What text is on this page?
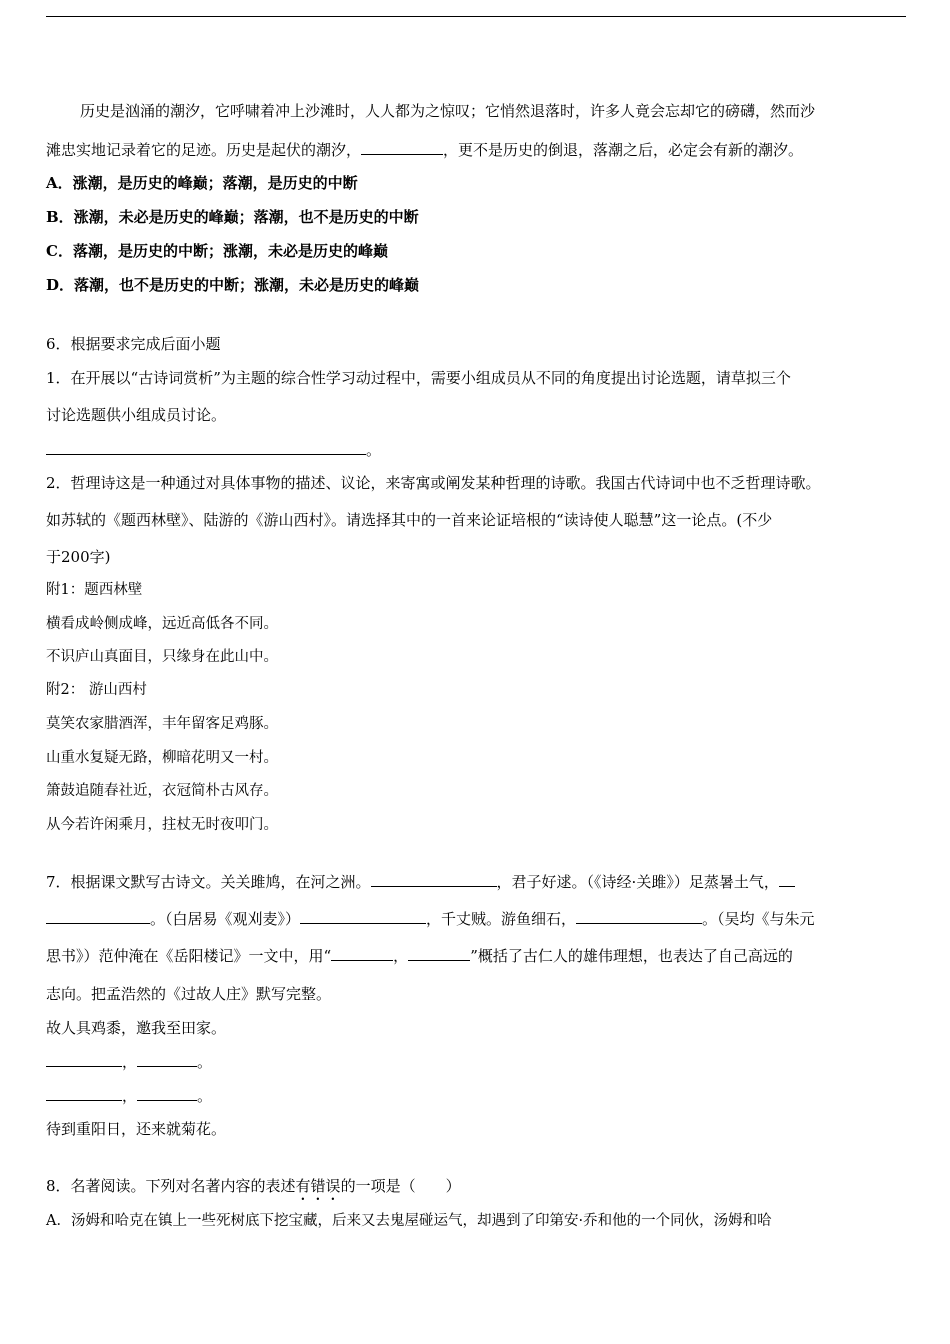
历史是汹涌的潮汐，它呼啸着冲上沙滩时，人人都为之惊叹；它悄然退落时，许多人竟会忘却它的磅礴，然而沙
滩忠实地记录着它的足迹。历史是起伏的潮汐，	，更不是历史的倒退，落潮之后，必定会有新的潮汐。
A．涨潮，是历史的峰巅；落潮，是历史的中断
B．涨潮，未必是历史的峰巅；落潮，也不是历史的中断
C．落潮，是历史的中断；涨潮，未必是历史的峰巅
D．落潮，也不是历史的中断；涨潮，未必是历史的峰巅
6．根据要求完成后面小题
1．在开展以“古诗词赏析”为主题的综合性学习动过程中，需要小组成员从不同的角度提出讨论选题，请草拟三个
讨论选题供小组成员讨论。
。
2．哲理诗这是一种通过对具体事物的描述、议论，来寄寓或阐发某种哲理的诗歌。我国古代诗词中也不乏哲理诗歌。
如苏轼的《题西林壁》、陆游的《游山西村》。请选择其中的一首来论证培根的“读诗使人聪慧”这一论点。(不少
于200字)
附1：题西林壁
横看成岭侧成峰，远近高低各不同。
不识庐山真面目，只缘身在此山中。
附2： 游山西村
莫笑农家腊酒浑，丰年留客足鸡豚。
山重水复疑无路，柳暗花明又一村。
箫鼓追随春社近，衣冠简朴古风存。
从今若许闲乘月，拄杖无时夜叩门。
7．根据课文默写古诗文。关关雎鸠，在河之洲。	，君子好逑。（《诗经·关雎》）足蒸暑土气，
。（白居易《观刈麦》）	，千丈贼。游鱼细石，	。（吴均《与朱元
思书》）范仲淹在《岳阳楼记》一文中，用“	，	”概括了古仁人的雄伟理想，也表达了自己高远的
志向。把孟浩然的《过故人庄》默写完整。
故人具鸡黍，邀我至田家。
，	。
，	。
待到重阳日，还来就菊花。
8．名著阅读。下列对名著内容的表述有错误的一项是（　　）
A．汤姆和哈克在镇上一些死树底下挖宝藏，后来又去鬼屋碰运气，却遇到了印第安·乔和他的一个同伙，汤姆和哈
